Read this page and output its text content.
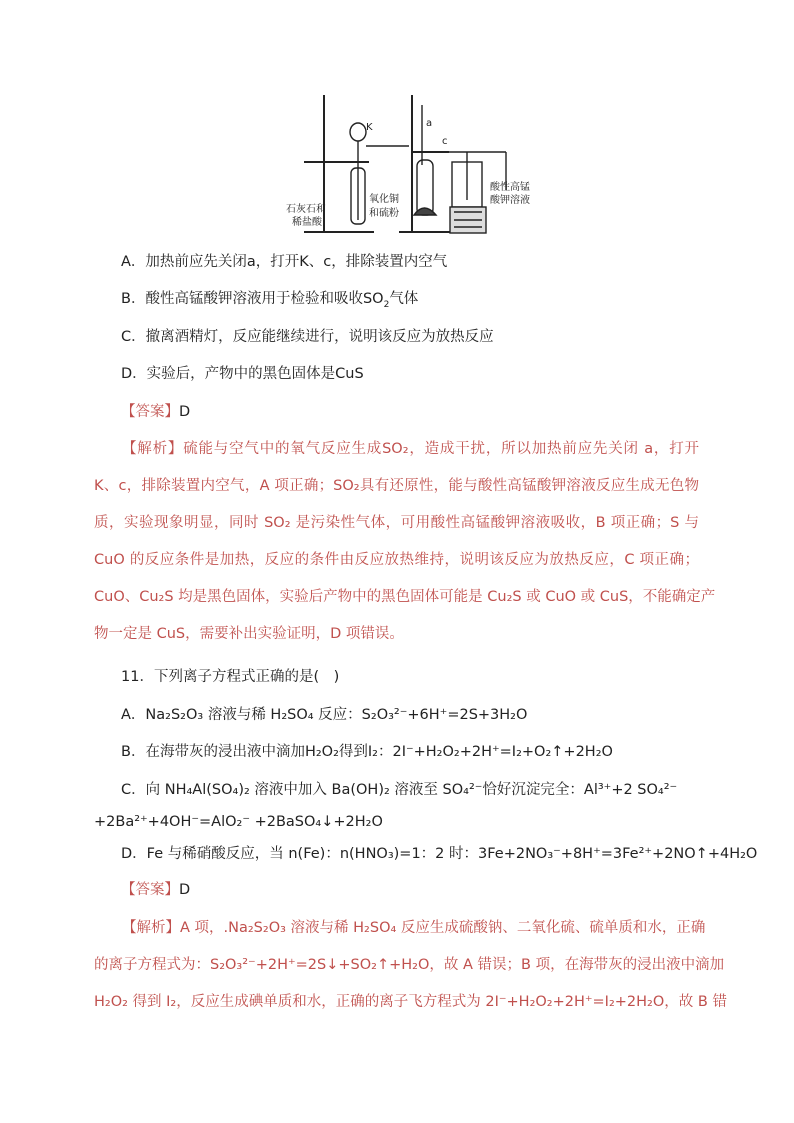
K
石灰石和
稀盐酸
a
c
氧化铜
和硫粉
酸性高锰
酸钾溶液
A．加热前应先关闭a，打开K、c，排除装置内空气
B．酸性高锰酸钾溶液用于检验和吸收$SO_2$气体
C．撤离酒精灯，反应能继续进行，说明该反应为放热反应
D．实验后，产物中的黑色固体是CuS
【答案】D
【解析】硫能与空气中的氧气反应生成SO₂，造成干扰，所以加热前应先关闭 a，打开
K、c，排除装置内空气，A 项正确；SO₂具有还原性，能与酸性高锰酸钾溶液反应生成无色物
质，实验现象明显，同时 SO₂ 是污染性气体，可用酸性高锰酸钾溶液吸收，B 项正确；S 与
CuO 的反应条件是加热，反应的条件由反应放热维持，说明该反应为放热反应，C 项正确；
CuO、Cu₂S 均是黑色固体，实验后产物中的黑色固体可能是 Cu₂S 或 CuO 或 CuS，不能确定产
物一定是 CuS，需要补出实验证明，D 项错误。
11．下列离子方程式正确的是(　)
A．Na₂S₂O₃ 溶液与稀 H₂SO₄ 反应：S₂O₃²⁻+6H⁺=2S+3H₂O
B．在海带灰的浸出液中滴加H₂O₂得到I₂：2I⁻+H₂O₂+2H⁺=I₂+O₂↑+2H₂O
C．向 NH₄Al(SO₄)₂ 溶液中加入 Ba(OH)₂ 溶液至 SO₄²⁻恰好沉淀完全：Al³⁺+2 SO₄²⁻
+2Ba²⁺+4OH⁻=AlO₂⁻ +2BaSO₄↓+2H₂O
D．Fe 与稀硝酸反应，当 n(Fe)：n(HNO₃)=1：2 时：3Fe+2NO₃⁻+8H⁺=3Fe²⁺+2NO↑+4H₂O
【答案】D
【解析】A 项，.Na₂S₂O₃ 溶液与稀 H₂SO₄ 反应生成硫酸钠、二氧化硫、硫单质和水，正确
的离子方程式为：S₂O₃²⁻+2H⁺=2S↓+SO₂↑+H₂O，故 A 错误；B 项，在海带灰的浸出液中滴加
H₂O₂ 得到 I₂，反应生成碘单质和水，正确的离子飞方程式为 2I⁻+H₂O₂+2H⁺=I₂+2H₂O，故 B 错
